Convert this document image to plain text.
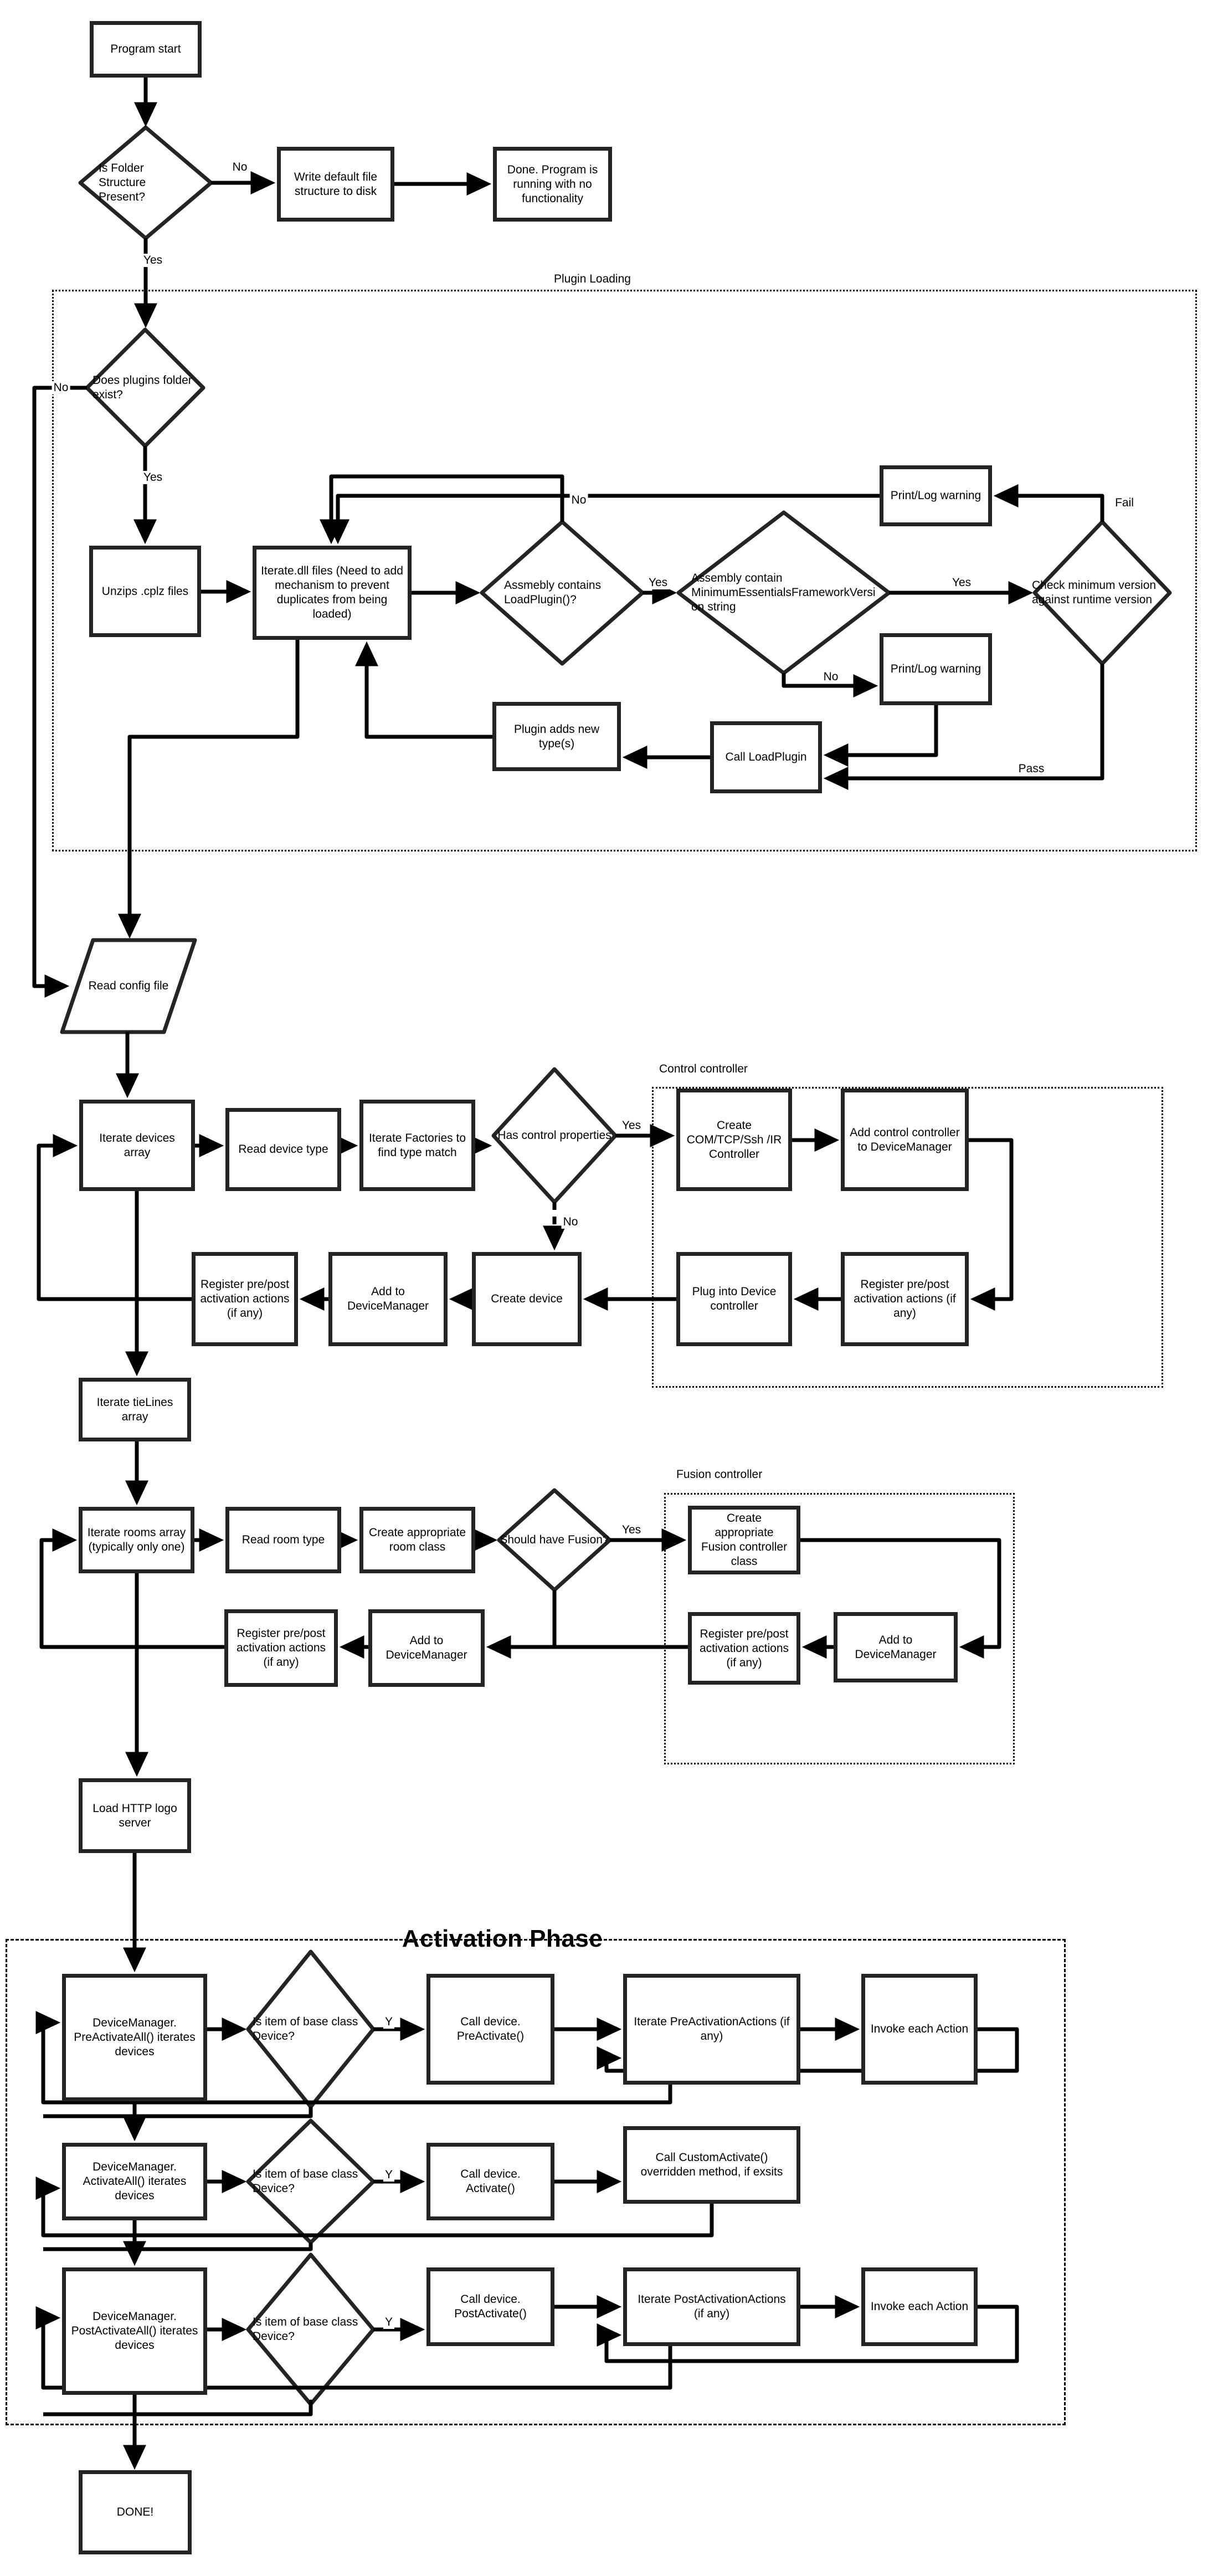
Plugin Loading
Control controller
Fusion controller
Activation Phase
Program start
Write default file structure to disk
Done. Program is running with no functionality
Unzips .cplz files
Iterate.dll files (Need to add mechanism to prevent duplicates from being loaded)
Print/Log warning
Print/Log warning
Call LoadPlugin
Plugin adds new type(s)
Iterate devices array	Read device type
Iterate Factories to find type match
Create COM/TCP/Ssh /IR Controller
Add control controller to DeviceManager
Register pre/post activation actions (if any)
Plug into Device controller
Create device
Add to DeviceManager
Register pre/post activation actions (if any)
Iterate tieLines array
Iterate rooms array (typically only one)
Read room type
Create appropriate room class
Create appropriate Fusion controller class
Add to DeviceManager
Register pre/post activation actions (if any)
Add to DeviceManager
Register pre/post activation actions (if any)
Load HTTP logo server
DeviceManager. PreActivateAll() iterates devices
Call device. PreActivate()
Iterate PreActivationActions (if any)
Invoke each Action
DeviceManager. ActivateAll() iterates devices
Call device. Activate()
Call CustomActivate() overridden method, if exsits
DeviceManager. PostActivateAll() iterates devices
Call device. PostActivate()
Iterate PostActivationActions (if any)
Invoke each Action
DONE!
Is Folder Structure Present?
Does plugins folder exist?
Assmebly contains LoadPlugin()?
Assembly contain MinimumEssentialsFrameworkVersion string
Check minimum version against runtime version
Read config file
Has control properties
Should have Fusion?
Is item of base class Device?
Is item of base class Device?
Is item of base class Device?
No
Yes
No
Yes
No
Yes	Yes
Fail
No
Pass
Yes
No
Yes
Y
Y
Y
